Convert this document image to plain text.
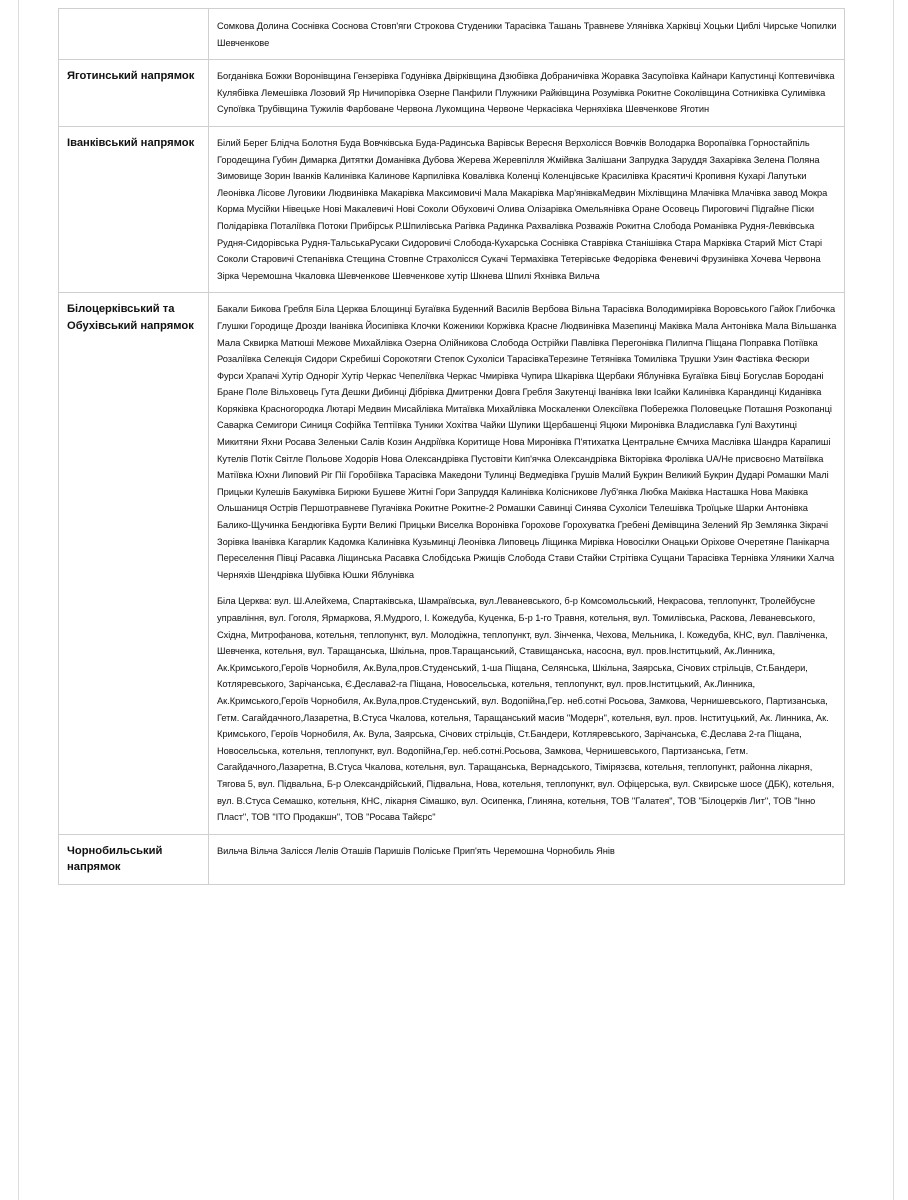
	Сомкова Долина Соснівка Соснова Стовп'яги Строкова Студеники Тарасівка Ташань Травневе Улянівка Харківці Хоцьки Циблі Чирське Чопилки Шевченкове

Яготинський напрямок	Богданівка Божки Воронівщина Гензерівка Годунівка Двірківщина Дзюбівка Добраничівка Жоравка Засупоївка Кайнари Капустинці Коптевичівка Кулябівка Лемешівка Лозовий Яр Ничипорівка Озерне Панфили Плужники Райківщина Розумівка Рокитне Соколівщина Сотниківка Сулимівка Супоївка Трубівщина Тужилів Фарбоване Червона Лукомщина Червоне Черкасівка Черняхівка Шевченкове Яготин

Іванківський напрямок	Білий Берег Блідча Болотня Буда Вовчківська Буда-Радинська Варівськ Вересня Верхолісся Вовчків Володарка Воропаївка Горностайпіль Городещина Губин Димарка Дитятки Доманівка Дубова Жерева Жеревпілля Жмійвка Залішани Запрудка Заруддя Захарівка Зелена Поляна Зимовище Зорин Іванків Калинівка Калинове Карпилівка Ковалівка Коленці Коленцівське Красилівка Красятичі Кропивня Кухарі Лапутьки Леонівка Лісове Луговики Людвинівка Макарівка Максимовичі Мала Макарівка Мар'янівкаМедвин Міхлівщина Млачівка Млачівка завод Мокра Корма Мусійки Нівецьке Нові Макалевичі Нові Соколи Обуховичі Олива Олізарівка Омельянівка Оране Осовець Пироговичі Підгайне Піски Полідарівка Поталіївка Потоки Прибірськ Р.Шпилівська Рагівка Радинка Рахвалівка Розважів Рокитна Слобода Романівка Рудня-Левківська Рудня-Сидорівська Рудня-ТальськаРусаки Сидоровичі Слобода-Кухарська Соснівка Ставрівка Станішівка Стара Марківка Старий Міст Старі Соколи Старовичі Степанівка Стещина Стовпне Страхолісся Сукачі Термахівка Тетерівське Федорівка Феневичі Фрузинівка Хочева Червона Зірка Черемошна Чкаловка Шевченкове Шевченкове хутір Шкнева Шпилі Яхнівка Вильча

Білоцерківський та Обухівський напрямок	Бакали Бикова Гребля Біла Церква Блощинці Бугаївка Буденний Василів Вербова Вільна Тарасівка Володимирівка Воровського Гайок Глибочка Глушки Городище Дрозди Іванівка Йосипівка Клочки Коженики Коржівка Красне Людвинівка Мазепинці Маківка Мала Антонівка Мала Вільшанка Мала Сквирка Матюші Межове Михайлівка Озерна Олійникова Слобода Острійки Павлівка Перегонівка Пилипча Піщана Поправка Потіївка Розаліївка Селекція Сидори Скребиші Сорокотяги Степок Сухоліси ТарасівкаТерезине Тетянівка Томилівка Трушки Узин Фастівка Фесюри Фурси Храпачі Хутір Одноріг Хутір Черкас Чепеліївка Черкас Чмирівка Чупира Шкарівка Щербаки Яблунівка Бугаївка Бівці Богуслав Бородані Бране Поле Вільховець Гута Дешки Дибинці Дібрівка Дмитренки Довга Гребля Закутенці Іванівка Івки Ісайки Калинівка Карандинці Киданівка Коряківка Красногородка Лютарі Медвин Мисайлівка Митаївка Михайлівка Москаленки Олексіївка Побережка Половецьке Поташня Розкопанці Саварка Семигори Синиця Софійка Тептіївка Туники Хохітва Чайки Шупики Щербашенці Яцюки Миронівка Владиславка Гулі Вахутинці Микитяни Яхни Росава Зеленьки Салів Козин Андріївка Коритище Нова Миронівка П'ятихатка Центральне Ємчиха Маслівка Шандра Карапиші Кутелів Потік Світле Польове Ходорів Нова Олександрівка Пустовіти Кип'ячка Олександрівка Вікторівка Фролівка UA/Не присвоєно Матвіївка Матіївка Юхни Липовий Ріг Пії Горобіївка Тарасівка Македони Тулинці Ведмедівка Грушів Малий Букрин Великий Букрин Дударі Ромашки Малі Прицьки Кулешів Бакумівка Бирюки Бушеве Житні Гори Запруддя Калинівка Колісникове Луб'янка Любка Маківка Насташка Нова Маківка Ольшаниця Острів Першотравневе Пугачівка Рокитне Рокитне-2 Ромашки Савинці Синява Сухоліси Телешівка Троїцьке Шарки Антонівка Балико-Щучинка Бендюгівка Бурти Великі Прицьки Виселка Воронівка Горохове Горохуватка Гребені Демівщина Зелений Яр Землянка Зікрачі Зорівка Іванівка Кагарлик Кадомка Калинівка Кузьминці Леонівка Липовець Ліщинка Мирівка Новосілки Онацьки Оріхове Очеретяне Панікарча Переселення Півці Расавка Ліщинська Расавка Слобідська Ржищів Слобода Стави Стайки Стрітівка Сущани Тарасівка Тернівка Уляники Халча Черняхів Шендрівка Шубівка Юшки Яблунівка

Біла Церква: вул. Ш.Алейхема, Спартаківська, Шамраївська, вул.Леваневського, б-р Комсомольський, Некрасова, теплопункт, Тролейбусне управління, вул. Гоголя, Ярмаркова, Я.Мудрого, І. Кожедуба, Куценка, Б-р 1-го Травня, котельня, вул. Томилівська, Раскова, Леваневського, Східна, Митрофанова, котельня, теплопункт, вул. Молодіжна, теплопункт, вул. Зінченка, Чехова, Мельника, І. Кожедуба, КНС, вул. Павліченка, Шевченка, котельня, вул. Таращанська, Шкільна, пров.Таращанський, Ставищанська, насосна, вул. пров.Інститцький, Ак.Линника, Ак.Кримського,Героїв Чорнобиля, Ак.Вула,пров.Студенський, 1-ша Піщана, Селянська, Шкільна, Заярська, Січових стрільців, Ст.Бандери, Котляревського, Зарічанська, Є.Деслава2-га Піщана, Новосельська, котельня, теплопункт, вул. пров.Інститцький, Ак.Линника, Ак.Кримського,Героїв Чорнобиля, Ак.Вула,пров.Студенський, вул. Водопійна,Гер. неб.сотні Росьова, Замкова, Чернишевського, Партизанська, Гетм. Сагайдачного,Лазаретна, В.Стуса Чкалова, котельня, Таращанський масив "Модерн", котельня, вул. пров. Інституцький, Ак. Линника, Ак. Кримського, Героїв Чорнобиля, Ак. Вула, Заярська, Січових стрільців, Ст.Бандери, Котляревського, Зарічанська, Є.Деслава 2-га Піщана, Новосельська, котельня, теплопункт, вул. Водопійна,Гер. неб.сотні.Росьова, Замкова, Чернишевського, Партизанська, Гетм. Сагайдачного,Лазаретна, В.Стуса Чкалова, котельня, вул. Таращанська, Вернадського, Тімірязєва, котельня, теплопункт, районна лікарня, Тягова 5, вул. Підвальна, Б-р Олександрійський, Підвальна, Нова, котельня, теплопункт, вул. Офіцерська, вул. Сквирське шосе (ДБК), котельня, вул. В.Стуса Семашко, котельня, КНС, лікарня Сімашко, вул. Осипенка, Глиняна, котельня, ТОВ "Галатея", ТОВ "Білоцерків Лит", ТОВ "Інно Пласт", ТОВ "ІТО Продакшн", ТОВ "Росава Тайєрс"

Чорнобильський напрямок	Вильча Вільча Залісся Лелів Оташів Паришів Поліське Прип'ять Черемошна Чорнобиль Янів
